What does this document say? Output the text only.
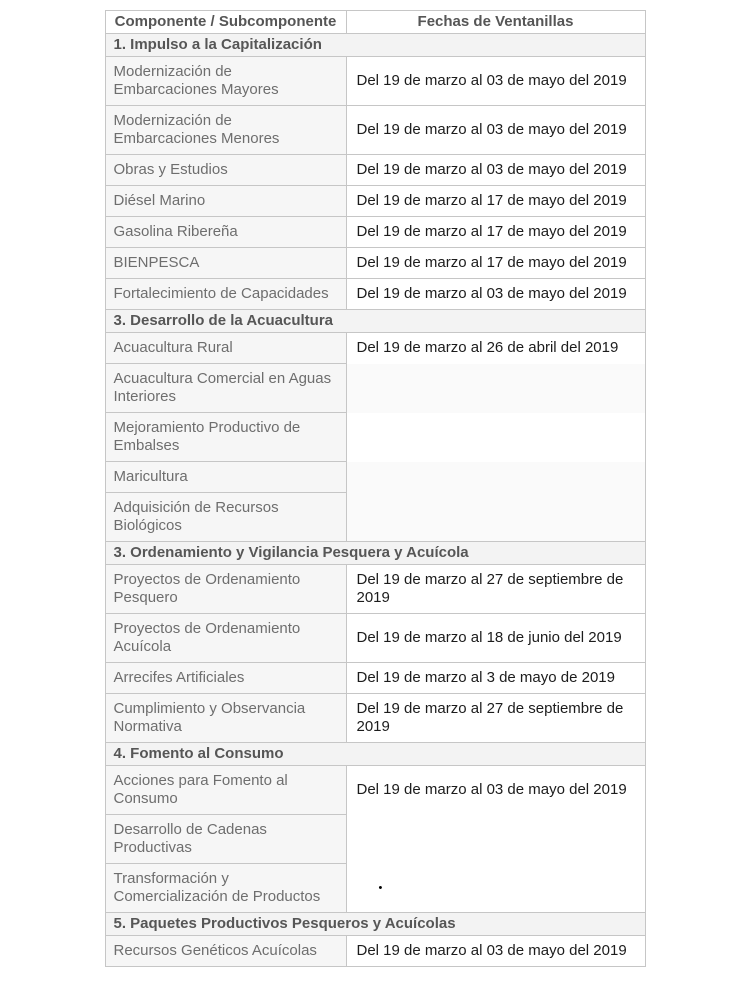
Componente / Subcomponente	Fechas de Ventanillas
1. Impulso a la Capitalización	
Modernización de Embarcaciones Mayores	Del 19 de marzo al 03 de mayo del 2019
Modernización de Embarcaciones Menores	Del 19 de marzo al 03 de mayo del 2019
Obras y Estudios	Del 19 de marzo al 03 de mayo del 2019
Diésel Marino	Del 19 de marzo al 17 de mayo del 2019
Gasolina Ribereña	Del 19 de marzo al 17 de mayo del 2019
BIENPESCA	Del 19 de marzo al 17 de mayo del 2019
Fortalecimiento de Capacidades	Del 19 de marzo al 03 de mayo del 2019
3. Desarrollo de la Acuacultura	
Acuacultura Rural	Del 19 de marzo al 26 de abril del 2019
Acuacultura Comercial en Aguas Interiores	
Mejoramiento Productivo de Embalses	
Maricultura	
Adquisición de Recursos Biológicos	
3. Ordenamiento y Vigilancia Pesquera y Acuícola	
Proyectos de Ordenamiento Pesquero	Del 19 de marzo al 27 de septiembre de 2019
Proyectos de Ordenamiento Acuícola	Del 19 de marzo al 18 de junio del 2019
Arrecifes Artificiales	Del 19 de marzo al 3 de mayo de 2019
Cumplimiento y Observancia Normativa	Del 19 de marzo al 27 de septiembre de 2019
4. Fomento al Consumo	
Acciones para Fomento al Consumo	Del 19 de marzo al 03 de mayo del 2019
Desarrollo de Cadenas Productivas	
Transformación y Comercialización de Productos	•
5. Paquetes Productivos Pesqueros y Acuícolas	
Recursos Genéticos Acuícolas	Del 19 de marzo al 03 de mayo del 2019
